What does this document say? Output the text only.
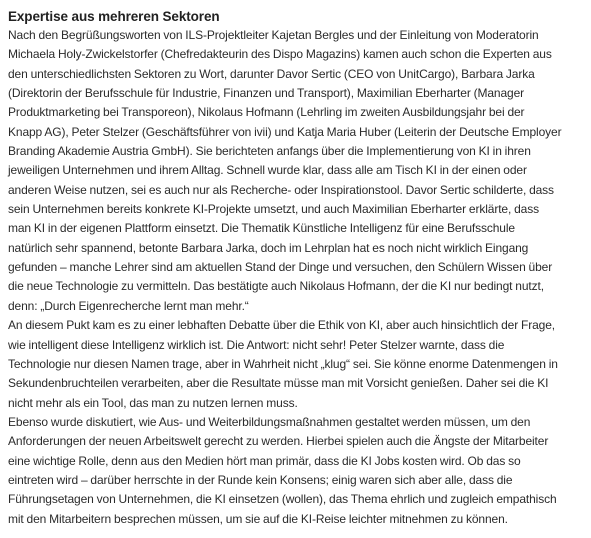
Expertise aus mehreren Sektoren

Nach den Begrüßungsworten von ILS-Projektleiter Kajetan Bergles und der Einleitung von Moderatorin
Michaela Holy-Zwickelstorfer (Chefredakteurin des Dispo Magazins) kamen auch schon die Experten aus
den unterschiedlichsten Sektoren zu Wort, darunter Davor Sertic (CEO von UnitCargo), Barbara Jarka
(Direktorin der Berufsschule für Industrie, Finanzen und Transport), Maximilian Eberharter (Manager
Produktmarketing bei Transporeon), Nikolaus Hofmann (Lehrling im zweiten Ausbildungsjahr bei der
Knapp AG), Peter Stelzer (Geschäftsführer von ivii) und Katja Maria Huber (Leiterin der Deutsche Employer
Branding Akademie Austria GmbH). Sie berichteten anfangs über die Implementierung von KI in ihren
jeweiligen Unternehmen und ihrem Alltag. Schnell wurde klar, dass alle am Tisch KI in der einen oder
anderen Weise nutzen, sei es auch nur als Recherche- oder Inspirationstool. Davor Sertic schilderte, dass
sein Unternehmen bereits konkrete KI-Projekte umsetzt, und auch Maximilian Eberharter erklärte, dass
man KI in der eigenen Plattform einsetzt. Die Thematik Künstliche Intelligenz für eine Berufsschule
natürlich sehr spannend, betonte Barbara Jarka, doch im Lehrplan hat es noch nicht wirklich Eingang
gefunden – manche Lehrer sind am aktuellen Stand der Dinge und versuchen, den Schülern Wissen über
die neue Technologie zu vermitteln. Das bestätigte auch Nikolaus Hofmann, der die KI nur bedingt nutzt,
denn: „Durch Eigenrecherche lernt man mehr.“

An diesem Pukt kam es zu einer lebhaften Debatte über die Ethik von KI, aber auch hinsichtlich der Frage,
wie intelligent diese Intelligenz wirklich ist. Die Antwort: nicht sehr! Peter Stelzer warnte, dass die
Technologie nur diesen Namen trage, aber in Wahrheit nicht „klug“ sei. Sie könne enorme Datenmengen in
Sekundenbruchteilen verarbeiten, aber die Resultate müsse man mit Vorsicht genießen. Daher sei die KI
nicht mehr als ein Tool, das man zu nutzen lernen muss.

Ebenso wurde diskutiert, wie Aus- und Weiterbildungsmaßnahmen gestaltet werden müssen, um den
Anforderungen der neuen Arbeitswelt gerecht zu werden. Hierbei spielen auch die Ängste der Mitarbeiter
eine wichtige Rolle, denn aus den Medien hört man primär, dass die KI Jobs kosten wird. Ob das so
eintreten wird – darüber herrschte in der Runde kein Konsens; einig waren sich aber alle, dass die
Führungsetagen von Unternehmen, die KI einsetzen (wollen), das Thema ehrlich und zugleich empathisch
mit den Mitarbeitern besprechen müssen, um sie auf die KI-Reise leichter mitnehmen zu können.
